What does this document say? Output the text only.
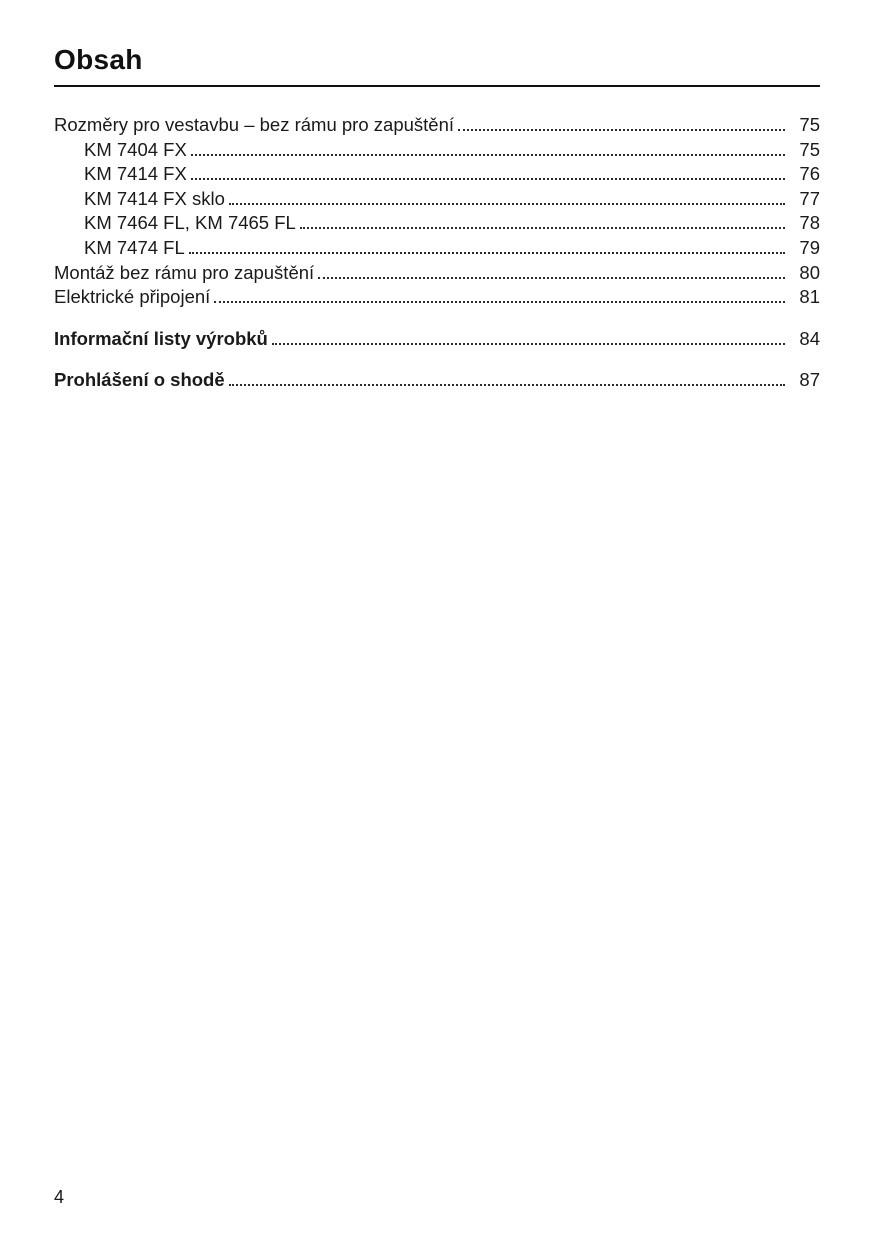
Obsah
Rozměry pro vestavbu – bez rámu pro zapuštění	75
KM 7404 FX	75
KM 7414 FX	76
KM 7414 FX sklo	77
KM 7464 FL, KM 7465 FL	78
KM 7474 FL	79
Montáž bez rámu pro zapuštění	80
Elektrické připojení	81
Informační listy výrobků	84
Prohlášení o shodě	87
4
